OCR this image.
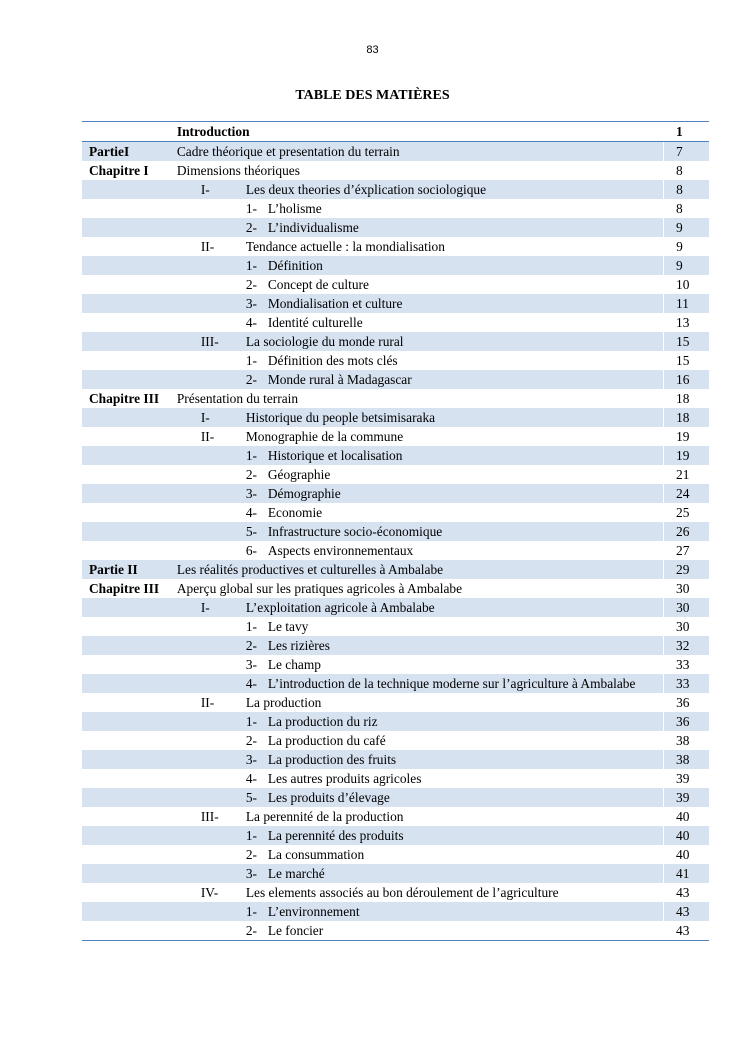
83
TABLE DES MATIÈRES
Introduction	1
PartieI	Cadre théorique et presentation du terrain	7
Chapitre I	Dimensions théoriques	8
I-	Les deux theories d’éxplication sociologique	8
1- L’holisme	8
2- L’individualisme	9
II- Tendance actuelle : la mondialisation	9
1- Définition	9
2- Concept de culture	10
3- Mondialisation et culture	11
4- Identité culturelle	13
III- La sociologie du monde rural	15
1- Définition des mots clés	15
2- Monde rural à Madagascar	16
Chapitre III	Présentation du terrain	18
I-	Historique du people betsimisaraka	18
II- Monographie de la commune	19
1- Historique et localisation	19
2- Géographie	21
3- Démographie	24
4- Economie	25
5- Infrastructure socio-économique	26
6- Aspects environnementaux	27
Partie II	Les réalités productives et culturelles à Ambalabe	29
Chapitre III	Aperçu global sur les pratiques agricoles à Ambalabe	30
I-	L’exploitation agricole à Ambalabe	30
1- Le tavy	30
2- Les rizières	32
3- Le champ	33
4- L’introduction de la technique moderne sur l’agriculture à Ambalabe	33
II- La production	36
1- La production du riz	36
2- La production du café	38
3- La production des fruits	38
4- Les autres produits agricoles	39
5- Les produits d’élevage	39
III- La perennité de la production	40
1- La perennité des produits	40
2- La consummation	40
3- Le marché	41
IV- Les elements associés au bon déroulement de l’agriculture	43
1- L’environnement	43
2- Le foncier	43
